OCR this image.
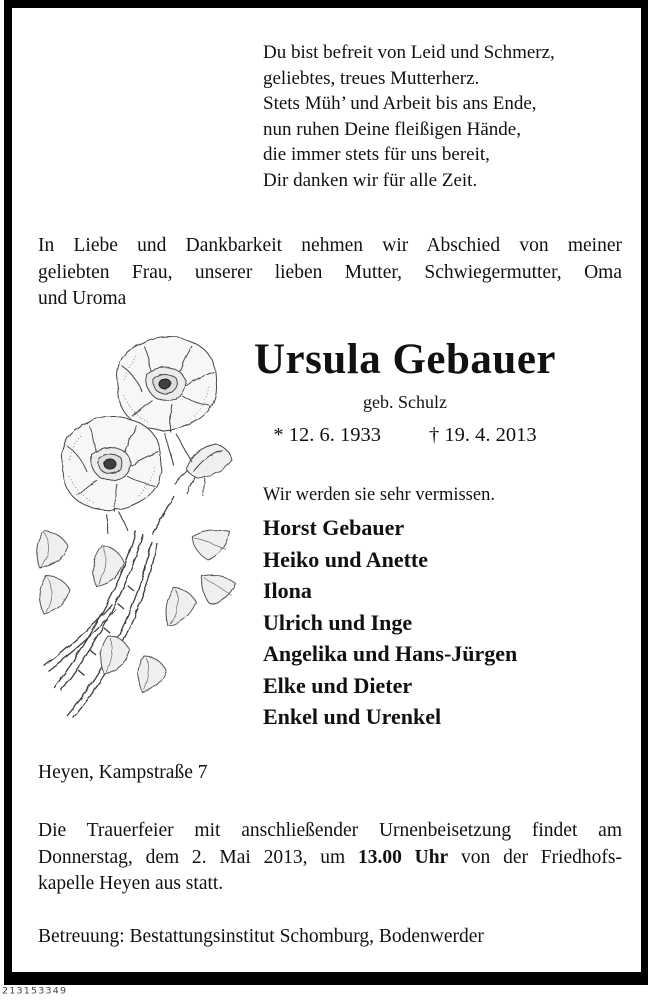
Du bist befreit von Leid und Schmerz,
geliebtes, treues Mutterherz.
Stets Müh’ und Arbeit bis ans Ende,
nun ruhen Deine fleißigen Hände,
die immer stets für uns bereit,
Dir danken wir für alle Zeit.
In Liebe und Dankbarkeit nehmen wir Abschied von meiner
geliebten Frau, unserer lieben Mutter, Schwiegermutter, Oma
und Uroma
Ursula Gebauer
geb. Schulz
* 12. 6. 1933 † 19. 4. 2013
Wir werden sie sehr vermissen.
Horst Gebauer
Heiko und Anette
Ilona
Ulrich und Inge
Angelika und Hans-Jürgen
Elke und Dieter
Enkel und Urenkel
Heyen, Kampstraße 7
Die Trauerfeier mit anschließender Urnenbeisetzung findet am
Donnerstag, dem 2. Mai 2013, um 13.00 Uhr von der Friedhofs-
kapelle Heyen aus statt.
Betreuung: Bestattungsinstitut Schomburg, Bodenwerder
213153349
